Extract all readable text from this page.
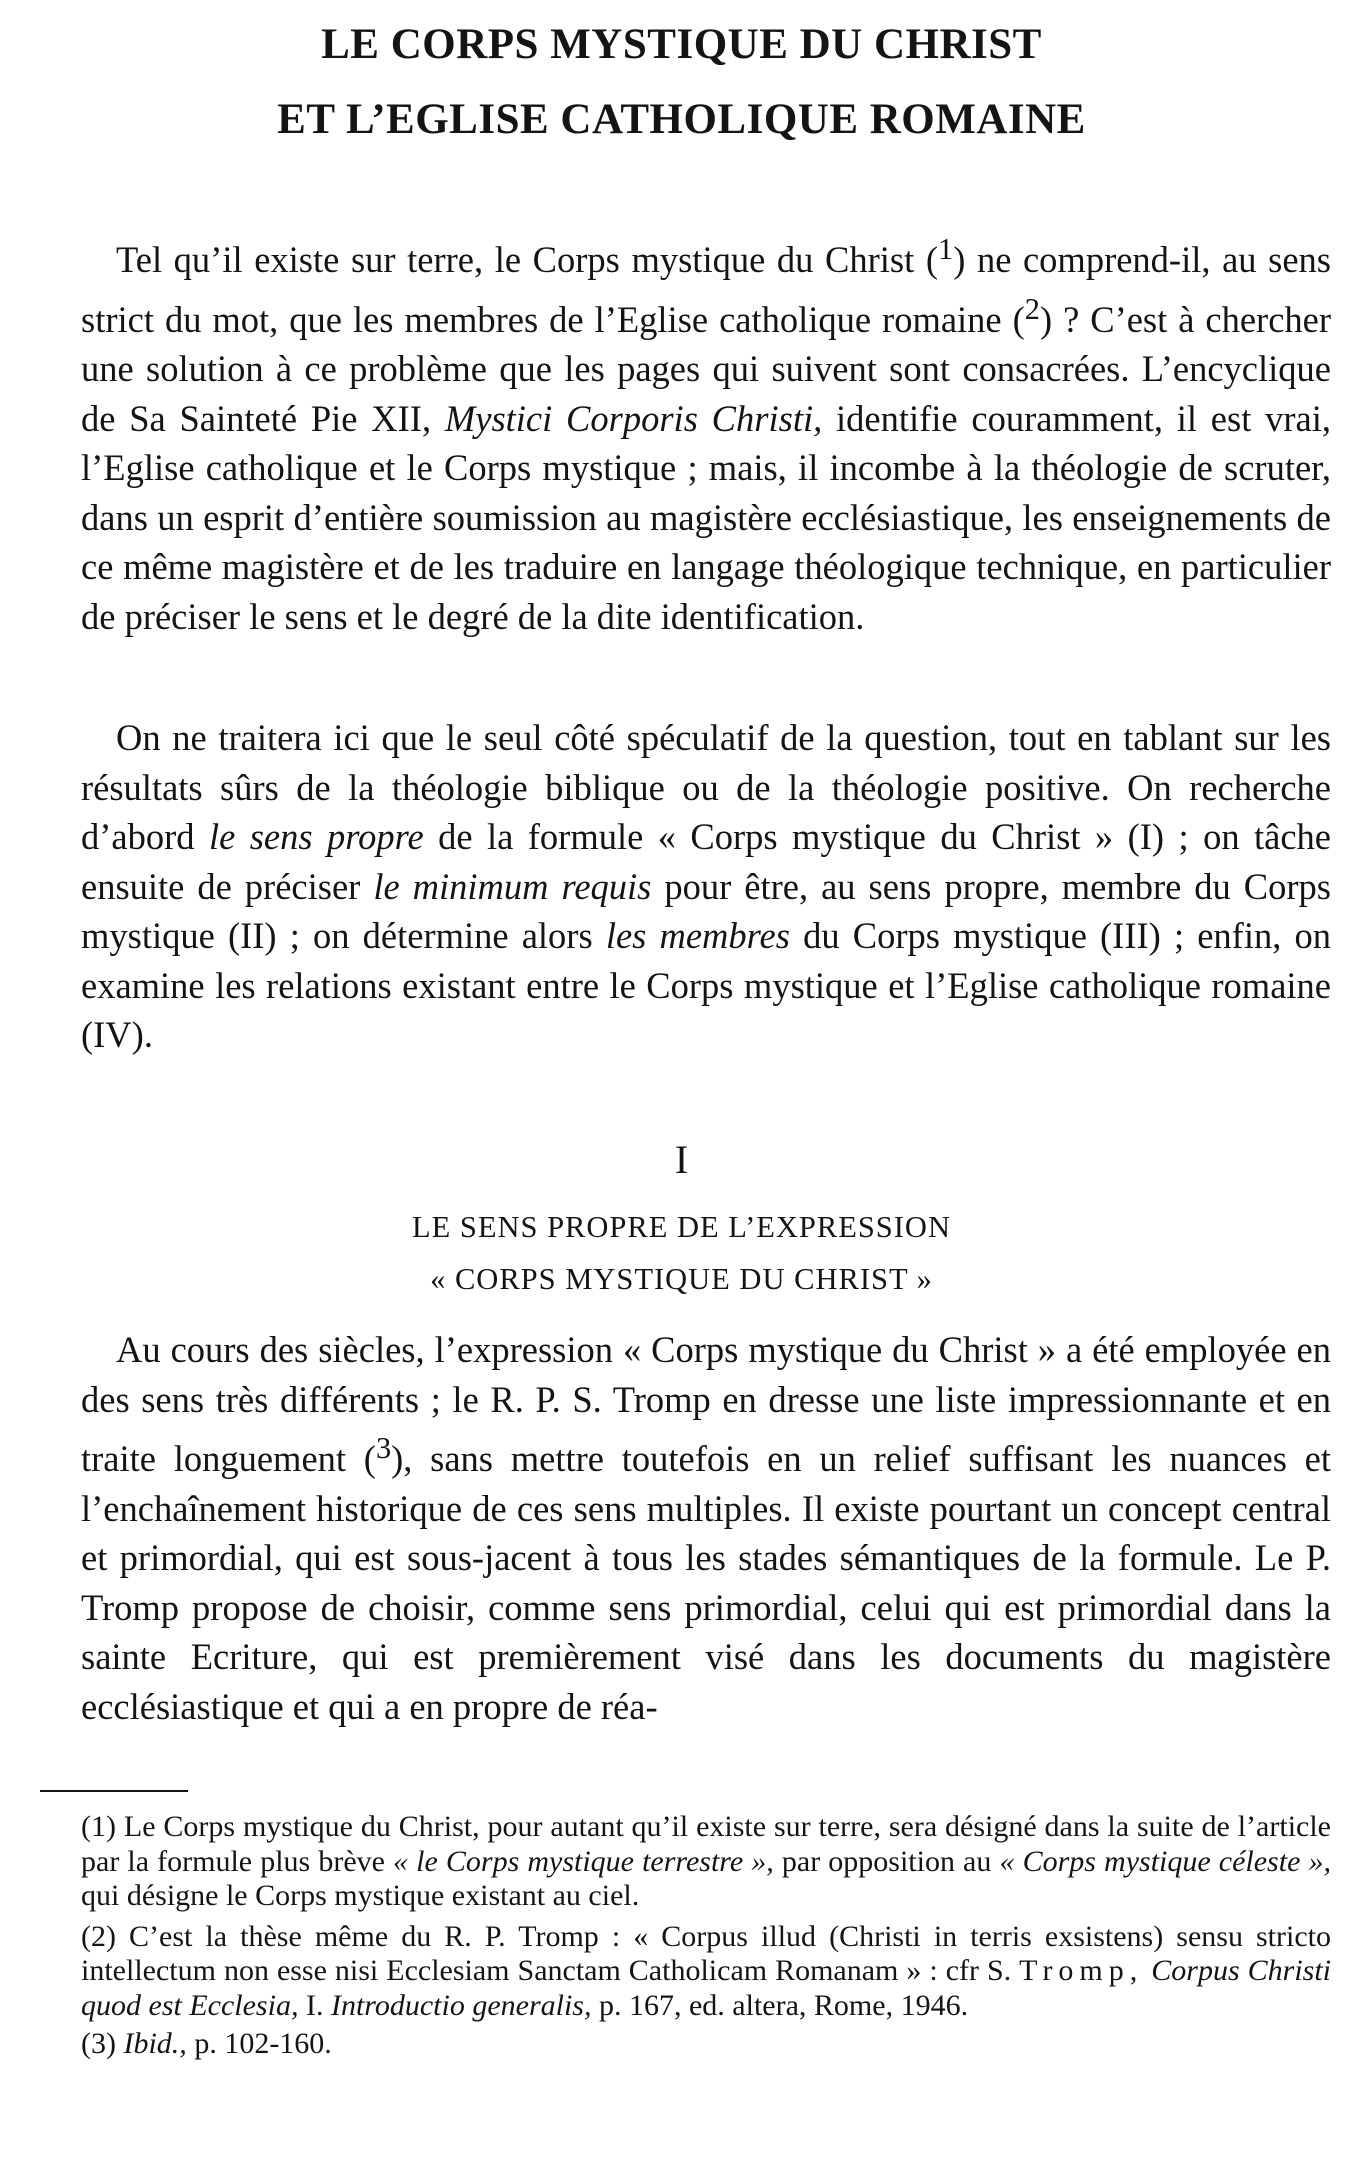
LE CORPS MYSTIQUE DU CHRIST
ET L’EGLISE CATHOLIQUE ROMAINE

Tel qu’il existe sur terre, le Corps mystique du Christ ($^1$) ne comprend-il, au sens strict du mot, que les membres de l’Eglise catholique romaine ($^2$) ? C’est à chercher une solution à ce problème que les pages qui suivent sont consacrées. L’encyclique de Sa Sainteté Pie XII, Mystici Corporis Christi, identifie couramment, il est vrai, l’Eglise catholique et le Corps mystique ; mais, il incombe à la théologie de scruter, dans un esprit d’entière soumission au magistère ecclésiastique, les enseignements de ce même magistère et de les traduire en langage théologique technique, en particulier de préciser le sens et le degré de la dite identification.

On ne traitera ici que le seul côté spéculatif de la question, tout en tablant sur les résultats sûrs de la théologie biblique ou de la théologie positive. On recherche d’abord le sens propre de la formule « Corps mystique du Christ » (I) ; on tâche ensuite de préciser le minimum requis pour être, au sens propre, membre du Corps mystique (II) ; on détermine alors les membres du Corps mystique (III) ; enfin, on examine les relations existant entre le Corps mystique et l’Eglise catholique romaine (IV).

I
LE SENS PROPRE DE L’EXPRESSION
« CORPS MYSTIQUE DU CHRIST »

Au cours des siècles, l’expression « Corps mystique du Christ » a été employée en des sens très différents ; le R. P. S. Tromp en dresse une liste impressionnante et en traite longuement ($^3$), sans mettre toutefois en un relief suffisant les nuances et l’enchaînement historique de ces sens multiples. Il existe pourtant un concept central et primordial, qui est sous-jacent à tous les stades sémantiques de la formule. Le P. Tromp propose de choisir, comme sens primordial, celui qui est primordial dans la sainte Ecriture, qui est premièrement visé dans les documents du magistère ecclésiastique et qui a en propre de réa-

(1) Le Corps mystique du Christ, pour autant qu’il existe sur terre, sera désigné dans la suite de l’article par la formule plus brève « le Corps mystique terrestre », par opposition au « Corps mystique céleste », qui désigne le Corps mystique existant au ciel.

(2) C’est la thèse même du R. P. Tromp : « Corpus illud (Christi in terris exsistens) sensu stricto intellectum non esse nisi Ecclesiam Sanctam Catholicam Romanam » : cfr S. Tromp, Corpus Christi quod est Ecclesia, I. Introductio generalis, p. 167, ed. altera, Rome, 1946.

(3) Ibid., p. 102-160.
